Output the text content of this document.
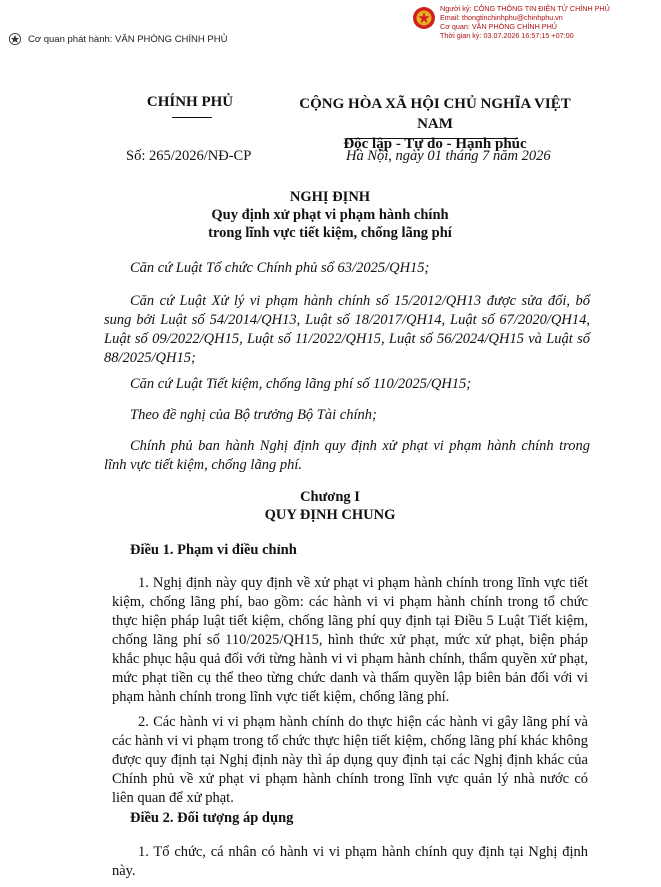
Cơ quan phát hành: VĂN PHÒNG CHÍNH PHỦ
Người ký: CÔNG THÔNG TIN ĐIỆN TỬ CHÍNH PHỦ
Email: thongtinchinhphu@chinhphu.vn
Cơ quan: VĂN PHÒNG CHÍNH PHỦ
Thời gian ký: 03.07.2026 16:57:15 +07:00
CHÍNH PHỦ	CỘNG HÒA XÃ HỘI CHỦ NGHĨA VIỆT NAM
Độc lập - Tự do - Hạnh phúc
Số: 265/2026/NĐ-CP	Hà Nội, ngày 01 tháng 7 năm 2026
NGHỊ ĐỊNH
Quy định xử phạt vi phạm hành chính
trong lĩnh vực tiết kiệm, chống lãng phí
Căn cứ Luật Tổ chức Chính phủ số 63/2025/QH15;
Căn cứ Luật Xử lý vi phạm hành chính số 15/2012/QH13 được sửa đổi, bổ sung bởi Luật số 54/2014/QH13, Luật số 18/2017/QH14, Luật số 67/2020/QH14, Luật số 09/2022/QH15, Luật số 11/2022/QH15, Luật số 56/2024/QH15 và Luật số 88/2025/QH15;
Căn cứ Luật Tiết kiệm, chống lãng phí số 110/2025/QH15;
Theo đề nghị của Bộ trưởng Bộ Tài chính;
Chính phủ ban hành Nghị định quy định xử phạt vi phạm hành chính trong lĩnh vực tiết kiệm, chống lãng phí.
Chương I
QUY ĐỊNH CHUNG
Điều 1. Phạm vi điều chỉnh
1. Nghị định này quy định về xử phạt vi phạm hành chính trong lĩnh vực tiết kiệm, chống lãng phí, bao gồm: các hành vi vi phạm hành chính trong tổ chức thực hiện pháp luật tiết kiệm, chống lãng phí quy định tại Điều 5 Luật Tiết kiệm, chống lãng phí số 110/2025/QH15, hình thức xử phạt, mức xử phạt, biện pháp khắc phục hậu quả đối với từng hành vi vi phạm hành chính, thẩm quyền xử phạt, mức phạt tiền cụ thể theo từng chức danh và thẩm quyền lập biên bản đối với vi phạm hành chính trong lĩnh vực tiết kiệm, chống lãng phí.
2. Các hành vi vi phạm hành chính do thực hiện các hành vi gây lãng phí và các hành vi vi phạm trong tổ chức thực hiện tiết kiệm, chống lãng phí khác không được quy định tại Nghị định này thì áp dụng quy định tại các Nghị định khác của Chính phủ về xử phạt vi phạm hành chính trong lĩnh vực quản lý nhà nước có liên quan để xử phạt.
Điều 2. Đối tượng áp dụng
1. Tổ chức, cá nhân có hành vi vi phạm hành chính quy định tại Nghị định này.
